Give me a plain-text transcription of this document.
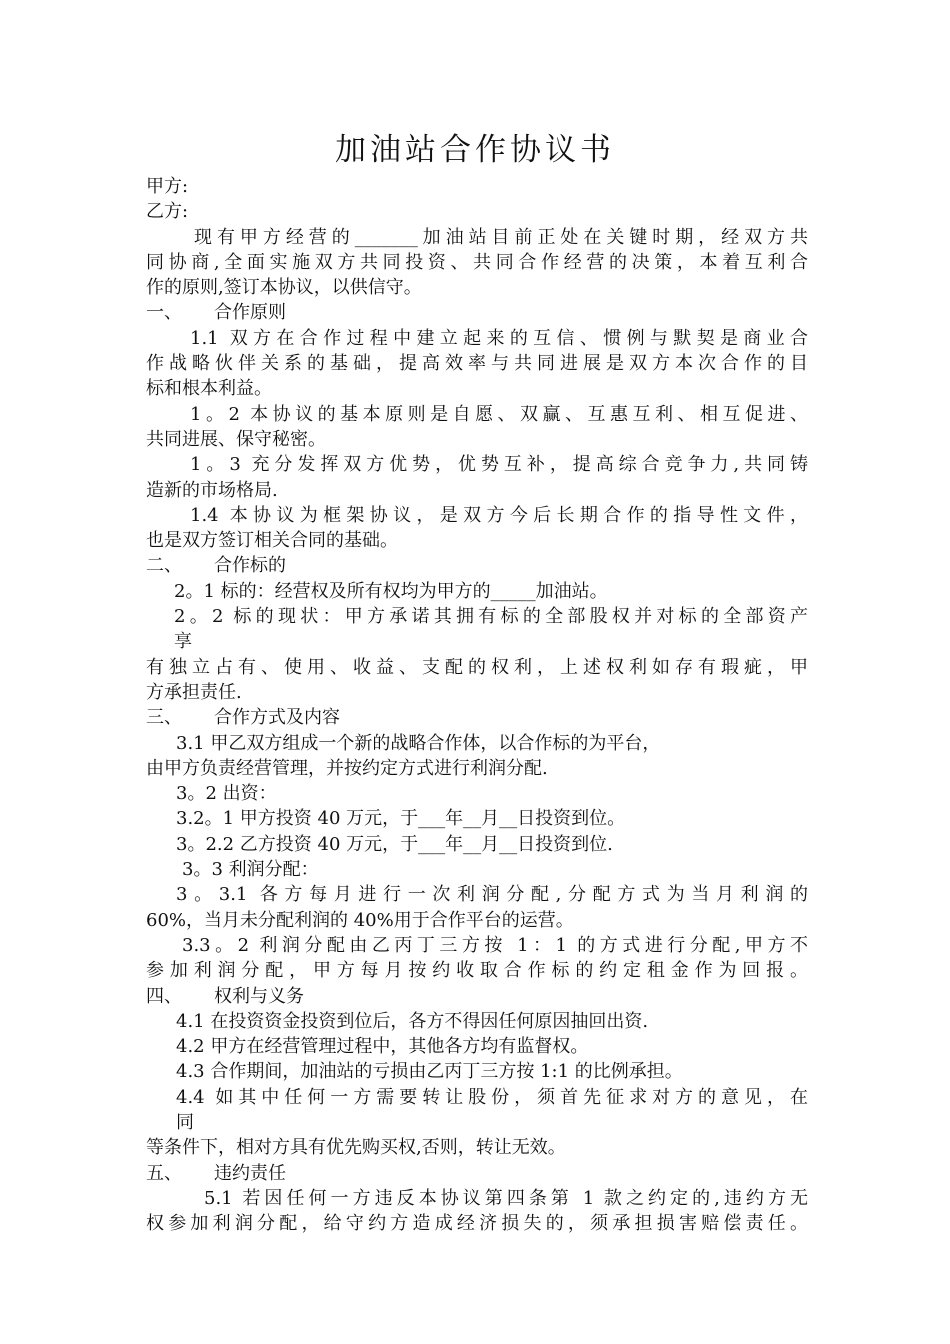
加油站合作协议书

甲方:

乙方:

现有甲方经营的_______加油站目前正处在关键时期，经双方共

同协商,全面实施双方共同投资、共同合作经营的决策，本着互利合

作的原则,签订本协议，以供信守。

一、 合作原则

1.1 双方在合作过程中建立起来的互信、惯例与默契是商业合

作战略伙伴关系的基础，提高效率与共同进展是双方本次合作的目

标和根本利益。

1。2 本协议的基本原则是自愿、双赢、互惠互利、相互促进、

共同进展、保守秘密。

1。3 充分发挥双方优势，优势互补，提高综合竞争力,共同铸

造新的市场格局.

1.4 本协议为框架协议，是双方今后长期合作的指导性文件，

也是双方签订相关合同的基础。

二、 合作标的

2。1 标的：经营权及所有权均为甲方的_____加油站。

2。2 标的现状：甲方承诺其拥有标的全部股权并对标的全部资产

享

有独立占有、使用、收益、支配的权利，上述权利如存有瑕疵，甲

方承担责任.

三、 合作方式及内容

3.1 甲乙双方组成一个新的战略合作体，以合作标的为平台，

由甲方负责经营管理，并按约定方式进行利润分配.

3。2 出资：

3.2。1 甲方投资 40 万元，于___年__月__日投资到位。

3。2.2 乙方投资 40 万元，于___年__月__日投资到位.

3。3 利润分配：

3。3.1 各方每月进行一次利润分配,分配方式为当月利润的

60%，当月未分配利润的 40%用于合作平台的运营。

3.3。2 利润分配由乙丙丁三方按 1：1 的方式进行分配,甲方不

参加利润分配，甲方每月按约收取合作标的约定租金作为回报。

四、 权利与义务

4.1 在投资资金投资到位后，各方不得因任何原因抽回出资.

4.2 甲方在经营管理过程中，其他各方均有监督权。

4.3 合作期间，加油站的亏损由乙丙丁三方按 1:1 的比例承担。

4.4 如其中任何一方需要转让股份，须首先征求对方的意见，在

同

等条件下，相对方具有优先购买权,否则，转让无效。

五、 违约责任

5.1 若因任何一方违反本协议第四条第 1 款之约定的,违约方无

权参加利润分配，给守约方造成经济损失的，须承担损害赔偿责任。
